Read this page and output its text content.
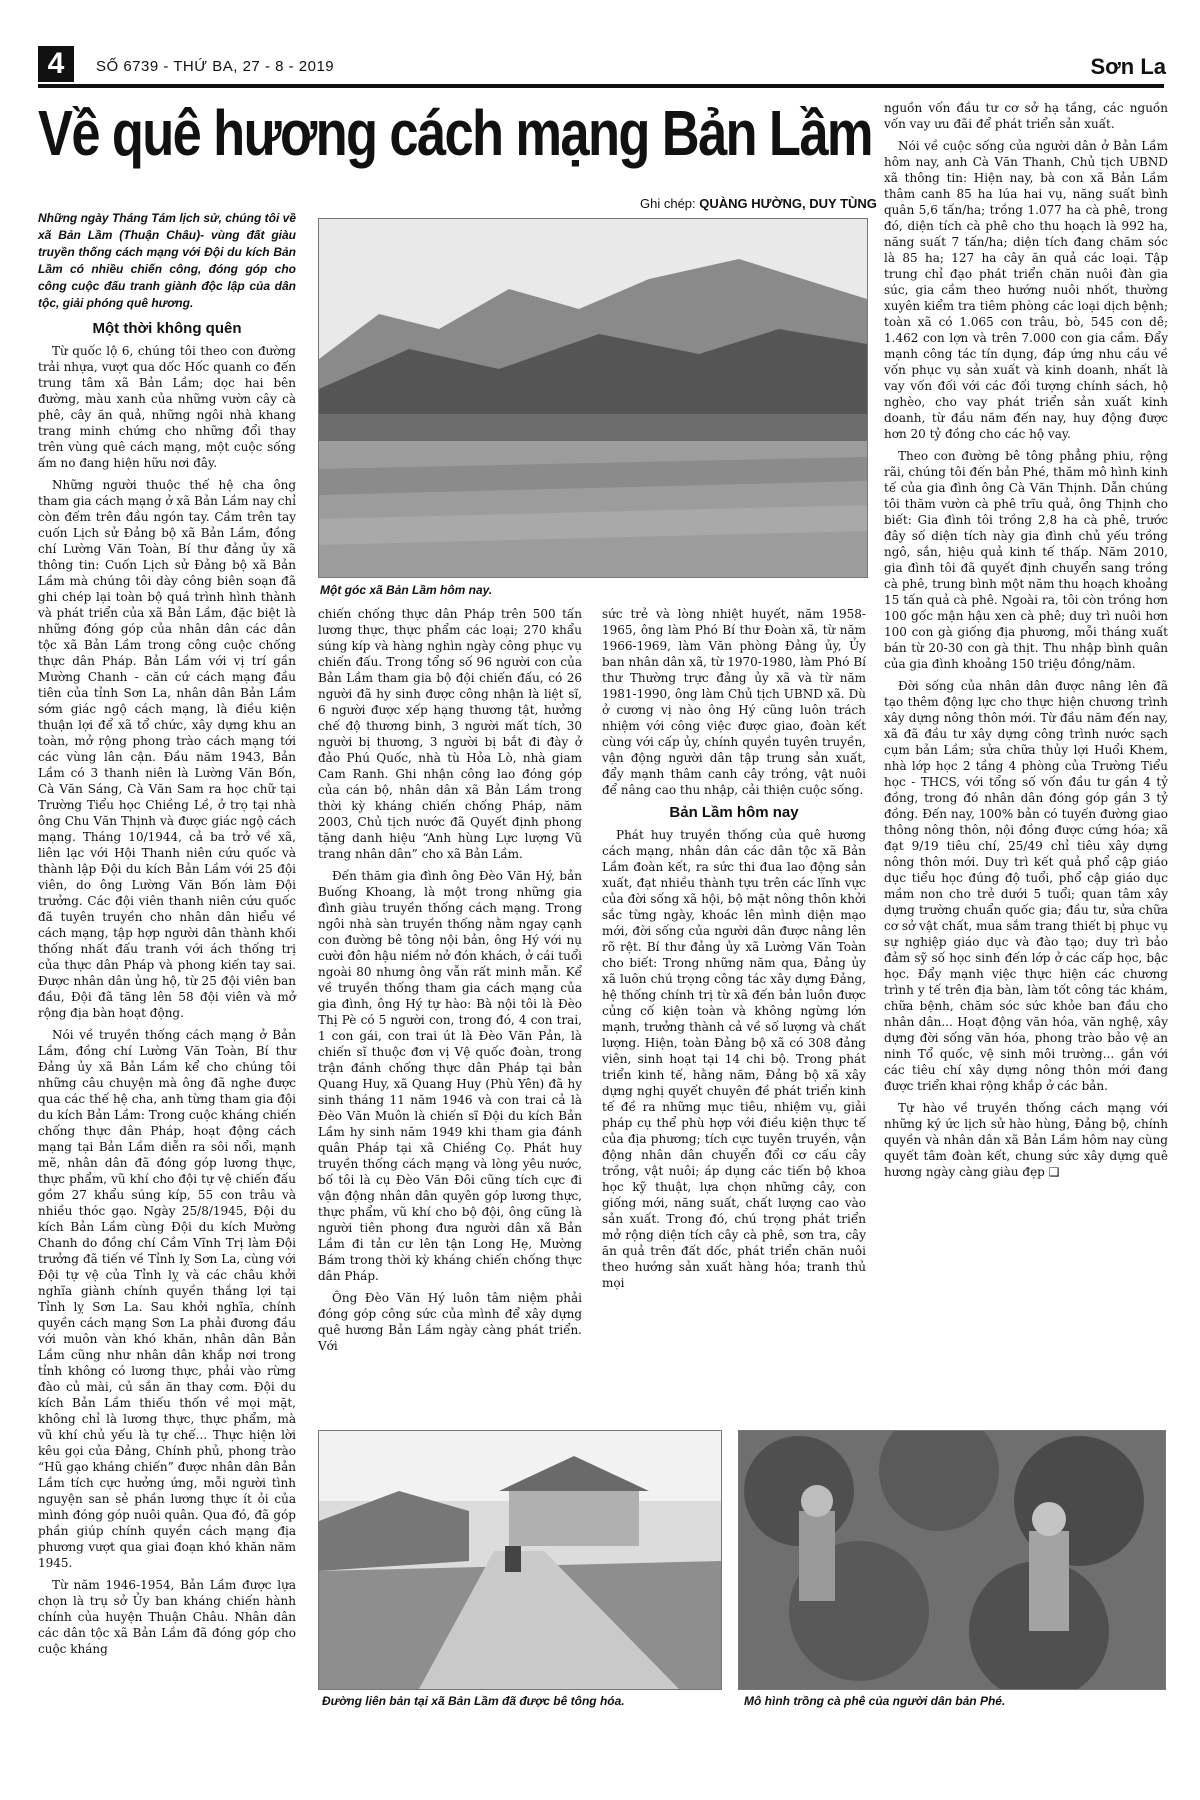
4	SỐ 6739 - THỨ BA, 27 - 8 - 2019	Sơn La
Về quê hương cách mạng Bản Lầm
Ghi chép: QUÀNG HƯỜNG, DUY TÙNG
Những ngày Tháng Tám lịch sử, chúng tôi về xã Bản Lầm (Thuận Châu)- vùng đất giàu truyền thống cách mạng với Đội du kích Bản Lầm có nhiều chiến công, đóng góp cho công cuộc đấu tranh giành độc lập của dân tộc, giải phóng quê hương.

Một thời không quên

Từ quốc lộ 6, chúng tôi theo con đường trải nhựa, vượt qua dốc Hốc quanh co đến trung tâm xã Bản Lầm; dọc hai bên đường, màu xanh của những vườn cây cà phê, cây ăn quả, những ngôi nhà khang trang minh chứng cho những đổi thay trên vùng quê cách mạng, một cuộc sống ấm no đang hiện hữu nơi đây.

Những người thuộc thế hệ cha ông tham gia cách mạng ở xã Bản Lầm nay chỉ còn đếm trên đầu ngón tay. Cầm trên tay cuốn Lịch sử Đảng bộ xã Bản Lầm, đồng chí Lường Văn Toàn, Bí thư đảng ủy xã thông tin: Cuốn Lịch sử Đảng bộ xã Bản Lầm mà chúng tôi dày công biên soạn đã ghi chép lại toàn bộ quá trình hình thành và phát triển của xã Bản Lầm, đặc biệt là những đóng góp của nhân dân các dân tộc xã Bản Lầm trong công cuộc chống thực dân Pháp. Bản Lầm với vị trí gần Mường Chanh - căn cứ cách mạng đầu tiên của tỉnh Sơn La, nhân dân Bản Lầm sớm giác ngộ cách mạng, là điều kiện thuận lợi để xã tổ chức, xây dựng khu an toàn, mở rộng phong trào cách mạng tới các vùng lân cận. Đầu năm 1943, Bản Lầm có 3 thanh niên là Lường Văn Bốn, Cà Văn Sáng, Cà Văn Sam ra học chữ tại Trường Tiểu học Chiềng Lề, ở trọ tại nhà ông Chu Văn Thịnh và được giác ngộ cách mạng. Tháng 10/1944, cả ba trở về xã, liên lạc với Hội Thanh niên cứu quốc và thành lập Đội du kích Bản Lầm với 25 đội viên, do ông Lường Văn Bốn làm Đội trưởng. Các đội viên thanh niên cứu quốc đã tuyên truyền cho nhân dân hiểu về cách mạng, tập hợp người dân thành khối thống nhất đấu tranh với ách thống trị của thực dân Pháp và phong kiến tay sai. Được nhân dân ủng hộ, từ 25 đội viên ban đầu, Đội đã tăng lên 58 đội viên và mở rộng địa bàn hoạt động.

Nói về truyền thống cách mạng ở Bản Lầm, đồng chí Lường Văn Toàn, Bí thư Đảng ủy xã Bản Lầm kể cho chúng tôi những câu chuyện mà ông đã nghe được qua các thế hệ cha, anh từng tham gia đội du kích Bản Lầm: Trong cuộc kháng chiến chống thực dân Pháp, hoạt động cách mạng tại Bản Lầm diễn ra sôi nổi, mạnh mẽ, nhân dân đã đóng góp lương thực, thực phẩm, vũ khí cho đội tự vệ chiến đấu gồm 27 khẩu súng kíp, 55 con trâu và nhiều thóc gạo. Ngày 25/8/1945, Đội du kích Bản Lầm cùng Đội du kích Mường Chanh do đồng chí Cầm Vĩnh Trị làm Đội trưởng đã tiến về Tỉnh lỵ Sơn La, cùng với Đội tự vệ của Tỉnh lỵ và các châu khởi nghĩa giành chính quyền thắng lợi tại Tỉnh lỵ Sơn La. Sau khởi nghĩa, chính quyền cách mạng Sơn La phải đương đầu với muôn vàn khó khăn, nhân dân Bản Lầm cũng như nhân dân khắp nơi trong tỉnh không có lương thực, phải vào rừng đào củ mài, củ sắn ăn thay cơm. Đội du kích Bản Lầm thiếu thốn về mọi mặt, không chỉ là lương thực, thực phẩm, mà vũ khí chủ yếu là tự chế... Thực hiện lời kêu gọi của Đảng, Chính phủ, phong trào “Hũ gạo kháng chiến” được nhân dân Bản Lầm tích cực hưởng ứng, mỗi người tình nguyện san sẻ phần lương thực ít ỏi của mình đóng góp nuôi quân. Qua đó, đã góp phần giúp chính quyền cách mạng địa phương vượt qua giai đoạn khó khăn năm 1945.

Từ năm 1946-1954, Bản Lầm được lựa chọn là trụ sở Ủy ban kháng chiến hành chính của huyện Thuận Châu. Nhân dân các dân tộc xã Bản Lầm đã đóng góp cho cuộc kháng

Một góc xã Bản Lầm hôm nay.

chiến chống thực dân Pháp trên 500 tấn lương thực, thực phẩm các loại; 270 khẩu súng kíp và hàng nghìn ngày công phục vụ chiến đấu. Trong tổng số 96 người con của Bản Lầm tham gia bộ đội chiến đấu, có 26 người đã hy sinh được công nhận là liệt sĩ, 6 người được xếp hạng thương tật, hưởng chế độ thương binh, 3 người mất tích, 30 người bị thương, 3 người bị bắt đi đày ở đảo Phú Quốc, nhà tù Hỏa Lò, nhà giam Cam Ranh. Ghi nhận công lao đóng góp của cán bộ, nhân dân xã Bản Lầm trong thời kỳ kháng chiến chống Pháp, năm 2003, Chủ tịch nước đã Quyết định phong tặng danh hiệu “Anh hùng Lực lượng Vũ trang nhân dân” cho xã Bản Lầm.

Đến thăm gia đình ông Đèo Văn Hý, bản Buống Khoang, là một trong những gia đình giàu truyền thống cách mạng. Trong ngôi nhà sàn truyền thống nằm ngay cạnh con đường bê tông nội bản, ông Hý với nụ cười đôn hậu niềm nở đón khách, ở cái tuổi ngoài 80 nhưng ông vẫn rất minh mẫn. Kể về truyền thống tham gia cách mạng của gia đình, ông Hý tự hào: Bà nội tôi là Đèo Thị Pè có 5 người con, trong đó, 4 con trai, 1 con gái, con trai út là Đèo Văn Pản, là chiến sĩ thuộc đơn vị Vệ quốc đoàn, trong trận đánh chống thực dân Pháp tại bản Quang Huy, xã Quang Huy (Phù Yên) đã hy sinh tháng 11 năm 1946 và con trai cả là Đèo Văn Muôn là chiến sĩ Đội du kích Bản Lầm hy sinh năm 1949 khi tham gia đánh quân Pháp tại xã Chiềng Cọ. Phát huy truyền thống cách mạng và lòng yêu nước, bố tôi là cụ Đèo Văn Đôi cũng tích cực đi vận động nhân dân quyên góp lương thực, thực phẩm, vũ khí cho bộ đội, ông cũng là người tiên phong đưa người dân xã Bản Lầm đi tản cư lên tận Long Hẹ, Mường Bám trong thời kỳ kháng chiến chống thực dân Pháp.

Ông Đèo Văn Hý luôn tâm niệm phải đóng góp công sức của mình để xây dựng quê hương Bản Lầm ngày càng phát triển. Với

sức trẻ và lòng nhiệt huyết, năm 1958-1965, ông làm Phó Bí thư Đoàn xã, từ năm 1966-1969, làm Văn phòng Đảng ủy, Ủy ban nhân dân xã, từ 1970-1980, làm Phó Bí thư Thường trực đảng ủy xã và từ năm 1981-1990, ông làm Chủ tịch UBND xã. Dù ở cương vị nào ông Hý cũng luôn trách nhiệm với công việc được giao, đoàn kết cùng với cấp ủy, chính quyền tuyên truyền, vận động người dân tập trung sản xuất, đẩy mạnh thâm canh cây trồng, vật nuôi để nâng cao thu nhập, cải thiện cuộc sống.

Bản Lầm hôm nay

Phát huy truyền thống của quê hương cách mạng, nhân dân các dân tộc xã Bản Lầm đoàn kết, ra sức thi đua lao động sản xuất, đạt nhiều thành tựu trên các lĩnh vực của đời sống xã hội, bộ mặt nông thôn khởi sắc từng ngày, khoác lên mình diện mạo mới, đời sống của người dân được nâng lên rõ rệt. Bí thư đảng ủy xã Lường Văn Toàn cho biết: Trong những năm qua, Đảng ủy xã luôn chú trọng công tác xây dựng Đảng, hệ thống chính trị từ xã đến bản luôn được củng cố kiện toàn và không ngừng lớn mạnh, trưởng thành cả về số lượng và chất lượng. Hiện, toàn Đảng bộ xã có 308 đảng viên, sinh hoạt tại 14 chi bộ. Trong phát triển kinh tế, hằng năm, Đảng bộ xã xây dựng nghị quyết chuyên đề phát triển kinh tế đề ra những mục tiêu, nhiệm vụ, giải pháp cụ thể phù hợp với điều kiện thực tế của địa phương; tích cực tuyên truyền, vận động nhân dân chuyển đổi cơ cấu cây trồng, vật nuôi; áp dụng các tiến bộ khoa học kỹ thuật, lựa chọn những cây, con giống mới, năng suất, chất lượng cao vào sản xuất. Trong đó, chú trọng phát triển mở rộng diện tích cây cà phê, sơn tra, cây ăn quả trên đất dốc, phát triển chăn nuôi theo hướng sản xuất hàng hóa; tranh thủ mọi

nguồn vốn đầu tư cơ sở hạ tầng, các nguồn vốn vay ưu đãi để phát triển sản xuất.

Nói về cuộc sống của người dân ở Bản Lầm hôm nay, anh Cà Văn Thanh, Chủ tịch UBND xã thông tin: Hiện nay, bà con xã Bản Lầm thâm canh 85 ha lúa hai vụ, năng suất bình quân 5,6 tấn/ha; trồng 1.077 ha cà phê, trong đó, diện tích cà phê cho thu hoạch là 992 ha, năng suất 7 tấn/ha; diện tích đang chăm sóc là 85 ha; 127 ha cây ăn quả các loại. Tập trung chỉ đạo phát triển chăn nuôi đàn gia súc, gia cầm theo hướng nuôi nhốt, thường xuyên kiểm tra tiêm phòng các loại dịch bệnh; toàn xã có 1.065 con trâu, bò, 545 con dê; 1.462 con lợn và trên 7.000 con gia cầm. Đẩy mạnh công tác tín dụng, đáp ứng nhu cầu về vốn phục vụ sản xuất và kinh doanh, nhất là vay vốn đối với các đối tượng chính sách, hộ nghèo, cho vay phát triển sản xuất kinh doanh, từ đầu năm đến nay, huy động được hơn 20 tỷ đồng cho các hộ vay.

Theo con đường bê tông phẳng phiu, rộng rãi, chúng tôi đến bản Phé, thăm mô hình kinh tế của gia đình ông Cà Văn Thịnh. Dẫn chúng tôi thăm vườn cà phê trĩu quả, ông Thịnh cho biết: Gia đình tôi trồng 2,8 ha cà phê, trước đây số diện tích này gia đình chủ yếu trồng ngô, sắn, hiệu quả kinh tế thấp. Năm 2010, gia đình tôi đã quyết định chuyển sang trồng cà phê, trung bình một năm thu hoạch khoảng 15 tấn quả cà phê. Ngoài ra, tôi còn trồng hơn 100 gốc mận hậu xen cà phê; duy trì nuôi hơn 100 con gà giống địa phương, mỗi tháng xuất bán từ 20-30 con gà thịt. Thu nhập bình quân của gia đình khoảng 150 triệu đồng/năm.

Đời sống của nhân dân được nâng lên đã tạo thêm động lực cho thực hiện chương trình xây dựng nông thôn mới. Từ đầu năm đến nay, xã đã đầu tư xây dựng công trình nước sạch cụm bản Lầm; sửa chữa thủy lợi Huổi Khem, nhà lớp học 2 tầng 4 phòng của Trường Tiểu học - THCS, với tổng số vốn đầu tư gần 4 tỷ đồng, trong đó nhân dân đóng góp gần 3 tỷ đồng. Đến nay, 100% bản có tuyến đường giao thông nông thôn, nội đồng được cứng hóa; xã đạt 9/19 tiêu chí, 25/49 chỉ tiêu xây dựng nông thôn mới. Duy trì kết quả phổ cập giáo dục tiểu học đúng độ tuổi, phổ cập giáo dục mầm non cho trẻ dưới 5 tuổi; quan tâm xây dựng trường chuẩn quốc gia; đầu tư, sửa chữa cơ sở vật chất, mua sắm trang thiết bị phục vụ sự nghiệp giáo dục và đào tạo; duy trì bảo đảm sỹ số học sinh đến lớp ở các cấp học, bậc học. Đẩy mạnh việc thực hiện các chương trình y tế trên địa bàn, làm tốt công tác khám, chữa bệnh, chăm sóc sức khỏe ban đầu cho nhân dân... Hoạt động văn hóa, văn nghệ, xây dựng đời sống văn hóa, phong trào bảo vệ an ninh Tổ quốc, vệ sinh môi trường... gắn với các tiêu chí xây dựng nông thôn mới đang được triển khai rộng khắp ở các bản.

Tự hào về truyền thống cách mạng với những ký ức lịch sử hào hùng, Đảng bộ, chính quyền và nhân dân xã Bản Lầm hôm nay cùng quyết tâm đoàn kết, chung sức xây dựng quê hương ngày càng giàu đẹp ❑

Đường liên bản tại xã Bản Lầm đã được bê tông hóa.	Mô hình trồng cà phê của người dân bản Phé.
